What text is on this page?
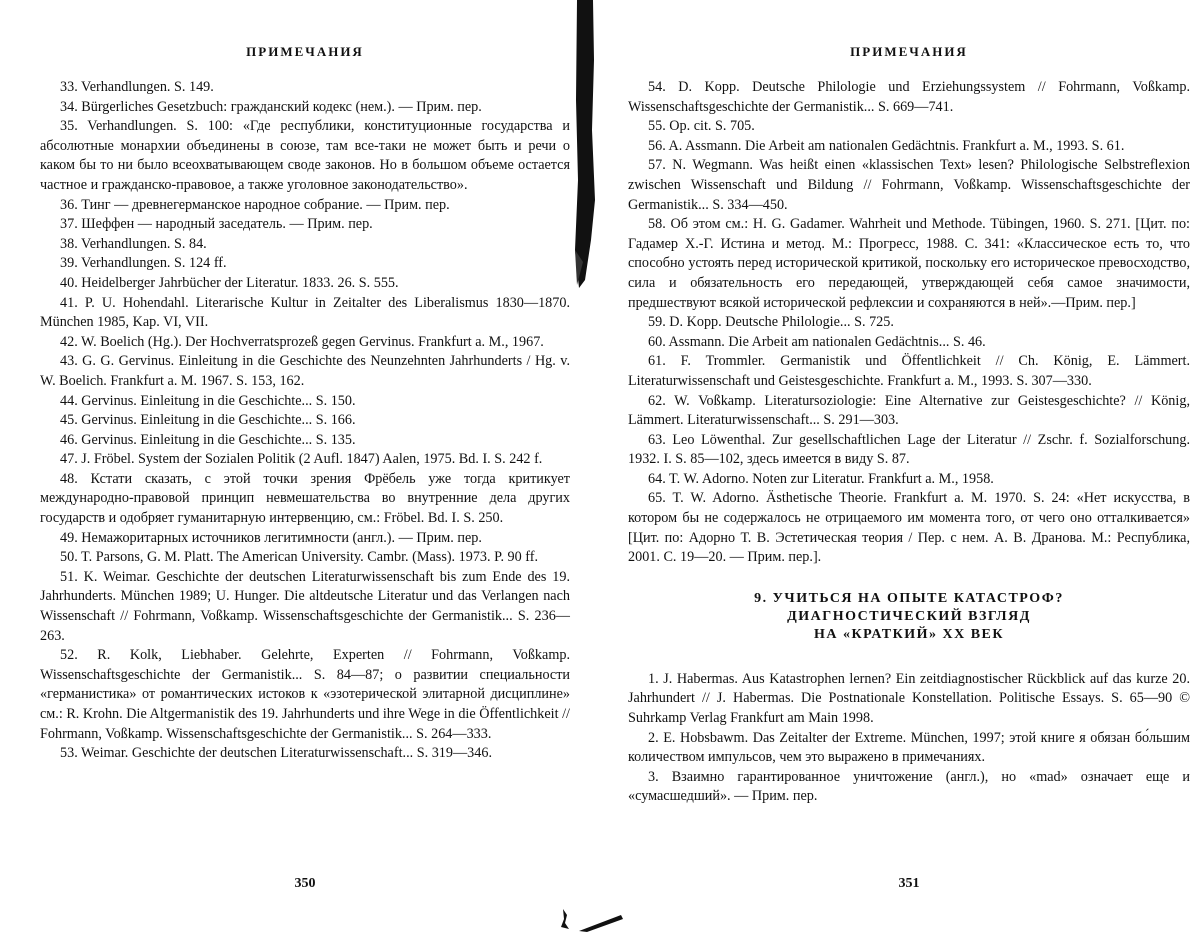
ПРИМЕЧАНИЯ

33. Verhandlungen. S. 149.

34. Bürgerliches Gesetzbuch: гражданский кодекс (нем.). — Прим. пер.

35. Verhandlungen. S. 100: «Где республики, конституционные государства и абсолютные монархии объединены в союзе, там все-таки не может быть и речи о каком бы то ни было всеохватывающем своде законов. Но в большом объеме остается частное и гражданско-правовое, а также уголовное законодательство».

36. Тинг — древнегерманское народное собрание. — Прим. пер.

37. Шеффен — народный заседатель. — Прим. пер.

38. Verhandlungen. S. 84.

39. Verhandlungen. S. 124 ff.

40. Heidelberger Jahrbücher der Literatur. 1833. 26. S. 555.

41. P. U. Hohendahl. Literarische Kultur in Zeitalter des Liberalismus 1830—1870. München 1985, Kap. VI, VII.

42. W. Boelich (Hg.). Der Hochverratsprozeß gegen Gervinus. Frankfurt a. M., 1967.

43. G. G. Gervinus. Einleitung in die Geschichte des Neunzehnten Jahrhunderts / Hg. v. W. Boelich. Frankfurt a. M. 1967. S. 153, 162.

44. Gervinus. Einleitung in die Geschichte... S. 150.

45. Gervinus. Einleitung in die Geschichte... S. 166.

46. Gervinus. Einleitung in die Geschichte... S. 135.

47. J. Fröbel. System der Sozialen Politik (2 Aufl. 1847) Aalen, 1975. Bd. I. S. 242 f.

48. Кстати сказать, с этой точки зрения Фрёбель уже тогда критикует международно-правовой принцип невмешательства во внутренние дела других государств и одобряет гуманитарную интервенцию, см.: Fröbel. Bd. I. S. 250.

49. Немажоритарных источников легитимности (англ.). — Прим. пер.

50. T. Parsons, G. M. Platt. The American University. Cambr. (Mass). 1973. P. 90 ff.

51. K. Weimar. Geschichte der deutschen Literaturwissenschaft bis zum Ende des 19. Jahrhunderts. München 1989; U. Hunger. Die altdeutsche Literatur und das Verlangen nach Wissenschaft // Fohrmann, Voßkamp. Wissenschaftsgeschichte der Germanistik... S. 236—263.

52. R. Kolk, Liebhaber. Gelehrte, Experten // Fohrmann, Voßkamp. Wissenschaftsgeschichte der Germanistik... S. 84—87; о развитии специальности «германистика» от романтических истоков к «эзотерической элитарной дисциплине» см.: R. Krohn. Die Altgermanistik des 19. Jahrhunderts und ihre Wege in die Öffentlichkeit // Fohrmann, Voßkamp. Wissenschaftsgeschichte der Germanistik... S. 264—333.

53. Weimar. Geschichte der deutschen Literaturwissenschaft... S. 319—346.

350
ПРИМЕЧАНИЯ

54. D. Kopp. Deutsche Philologie und Erziehungssystem // Fohrmann, Voßkamp. Wissenschaftsgeschichte der Germanistik... S. 669—741.

55. Op. cit. S. 705.

56. A. Assmann. Die Arbeit am nationalen Gedächtnis. Frankfurt a. M., 1993. S. 61.

57. N. Wegmann. Was heißt einen «klassischen Text» lesen? Philologische Selbstreflexion zwischen Wissenschaft und Bildung // Fohrmann, Voßkamp. Wissenschaftsgeschichte der Germanistik... S. 334—450.

58. Об этом см.: H. G. Gadamer. Wahrheit und Methode. Tübingen, 1960. S. 271. [Цит. по: Гадамер Х.-Г. Истина и метод. М.: Прогресс, 1988. С. 341: «Классическое есть то, что способно устоять перед исторической критикой, поскольку его историческое превосходство, сила и обязательность его передающей, утверждающей себя самое значимости, предшествуют всякой исторической рефлексии и сохраняются в ней».—Прим. пер.]

59. D. Kopp. Deutsche Philologie... S. 725.

60. Assmann. Die Arbeit am nationalen Gedächtnis... S. 46.

61. F. Trommler. Germanistik und Öffentlichkeit // Ch. König, E. Lämmert. Literaturwissenschaft und Geistesgeschichte. Frankfurt a. M., 1993. S. 307—330.

62. W. Voßkamp. Literatursoziologie: Eine Alternative zur Geistesgeschichte? // König, Lämmert. Literaturwissenschaft... S. 291—303.

63. Leo Löwenthal. Zur gesellschaftlichen Lage der Literatur // Zschr. f. Sozialforschung. 1932. I. S. 85—102, здесь имеется в виду S. 87.

64. T. W. Adorno. Noten zur Literatur. Frankfurt a. M., 1958.

65. T. W. Adorno. Ästhetische Theorie. Frankfurt a. M. 1970. S. 24: «Нет искусства, в котором бы не содержалось не отрицаемого им момента того, от чего оно отталкивается» [Цит. по: Адорно Т. В. Эстетическая теория / Пер. с нем. А. В. Дранова. М.: Республика, 2001. С. 19—20. — Прим. пер.].

9. УЧИТЬСЯ НА ОПЫТЕ КАТАСТРОФ?
ДИАГНОСТИЧЕСКИЙ ВЗГЛЯД
НА «КРАТКИЙ» XX ВЕК

1. J. Habermas. Aus Katastrophen lernen? Ein zeitdiagnostischer Rückblick auf das kurze 20. Jahrhundert // J. Habermas. Die Postnationale Konstellation. Politische Essays. S. 65—90 © Suhrkamp Verlag Frankfurt am Main 1998.

2. E. Hobsbawm. Das Zeitalter der Extreme. München, 1997; этой книге я обязан бо́льшим количеством импульсов, чем это выражено в примечаниях.

3. Взаимно гарантированное уничтожение (англ.), но «mad» означает еще и «сумасшедший». — Прим. пер.

351
